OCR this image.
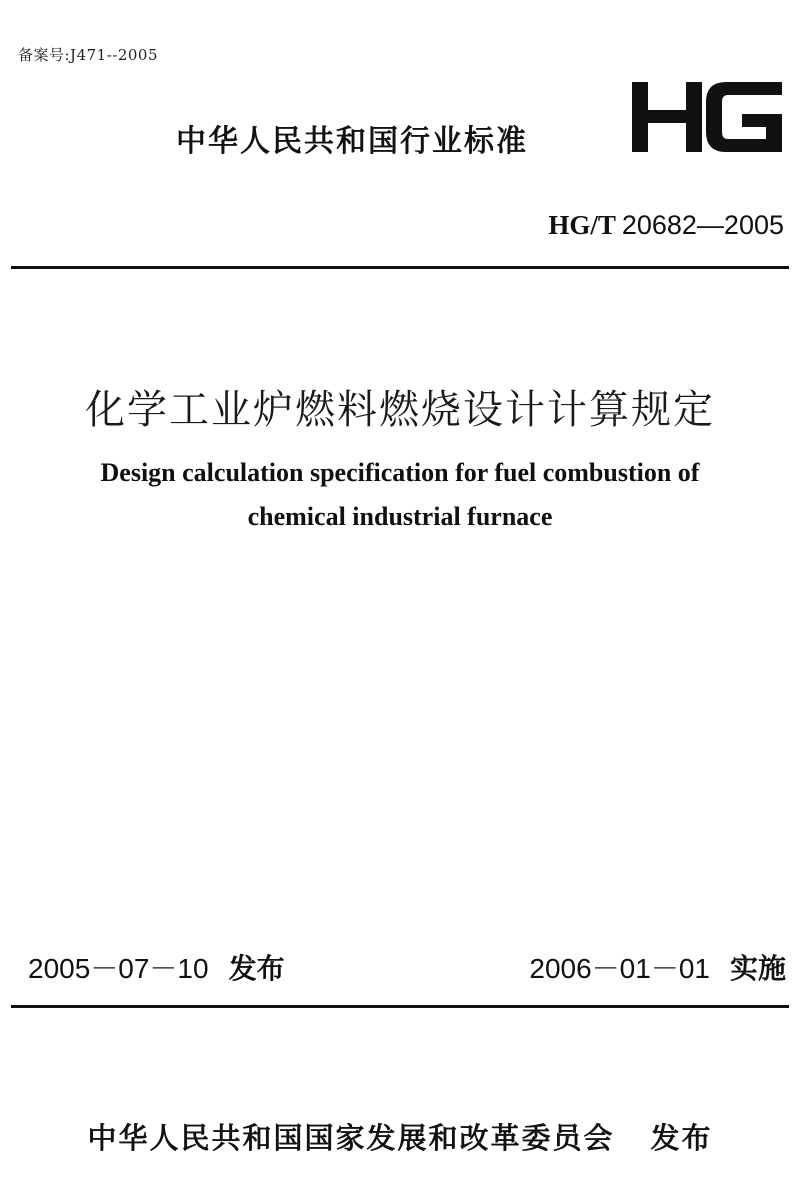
备案号:J471--2005
中华人民共和国行业标准
HG/T 20682—2005
化学工业炉燃料燃烧设计计算规定
Design calculation specification for fuel combustion of
chemical industrial furnace
2005－07－10 发布	2006－01－01 实施
中华人民共和国国家发展和改革委员会 发布
